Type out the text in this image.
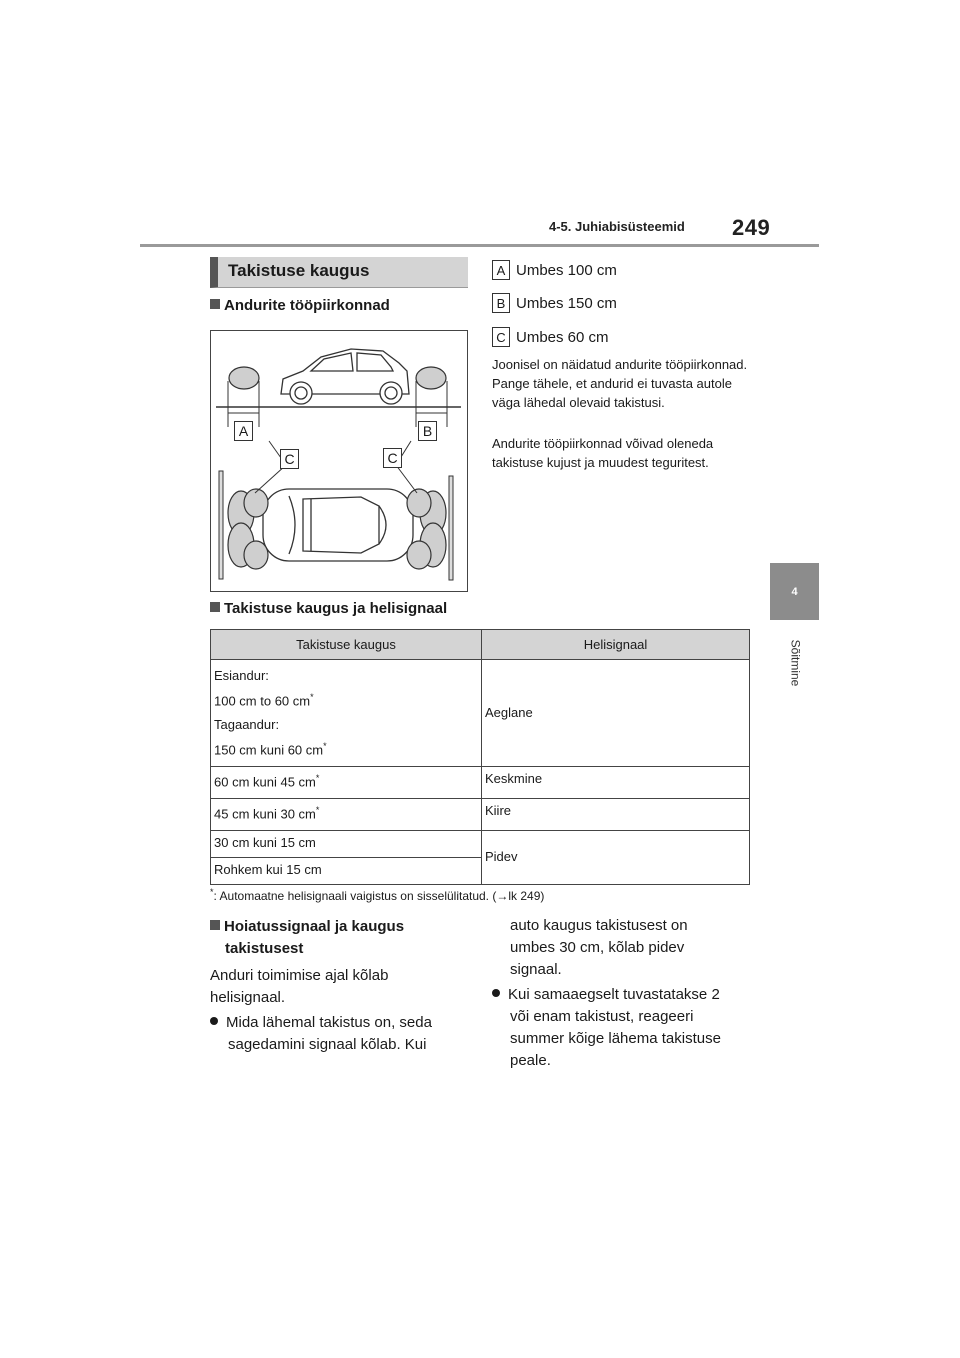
4-5. Juhiabisüsteemid 249
4
Sõitmine
Takistuse kaugus
Andurite tööpiirkonnad
A	B
C	C
A Umbes 100 cm
B Umbes 150 cm
C Umbes 60 cm
Joonisel on näidatud andurite tööpiirkonnad. Pange tähele, et andurid ei tuvasta autole väga lähedal olevaid takistusi.
Andurite tööpiirkonnad võivad oleneda takistuse kujust ja muudest teguritest.
Takistuse kaugus ja helisignaal
Takistuse kaugus	Helisignaal

Esiandur:

100 cm to 60 cm*

Tagaandur:

150 cm kuni 60 cm*	Aeglane
60 cm kuni 45 cm*	Keskmine
45 cm kuni 30 cm*	Kiire
30 cm kuni 15 cm	Pidev
Rohkem kui 15 cm	
*: Automaatne helisignaali vaigistus on sisselülitatud. (→lk 249)
Hoiatussignaal ja kaugus
takistusest
Anduri toimimise ajal kõlab
helisignaal.
Mida lähemal takistus on, seda
sagedamini signaal kõlab. Kui
auto kaugus takistusest on
umbes 30 cm, kõlab pidev
signaal.
Kui samaaegselt tuvastatakse 2
või enam takistust, reageeri
summer kõige lähema takistuse
peale.
